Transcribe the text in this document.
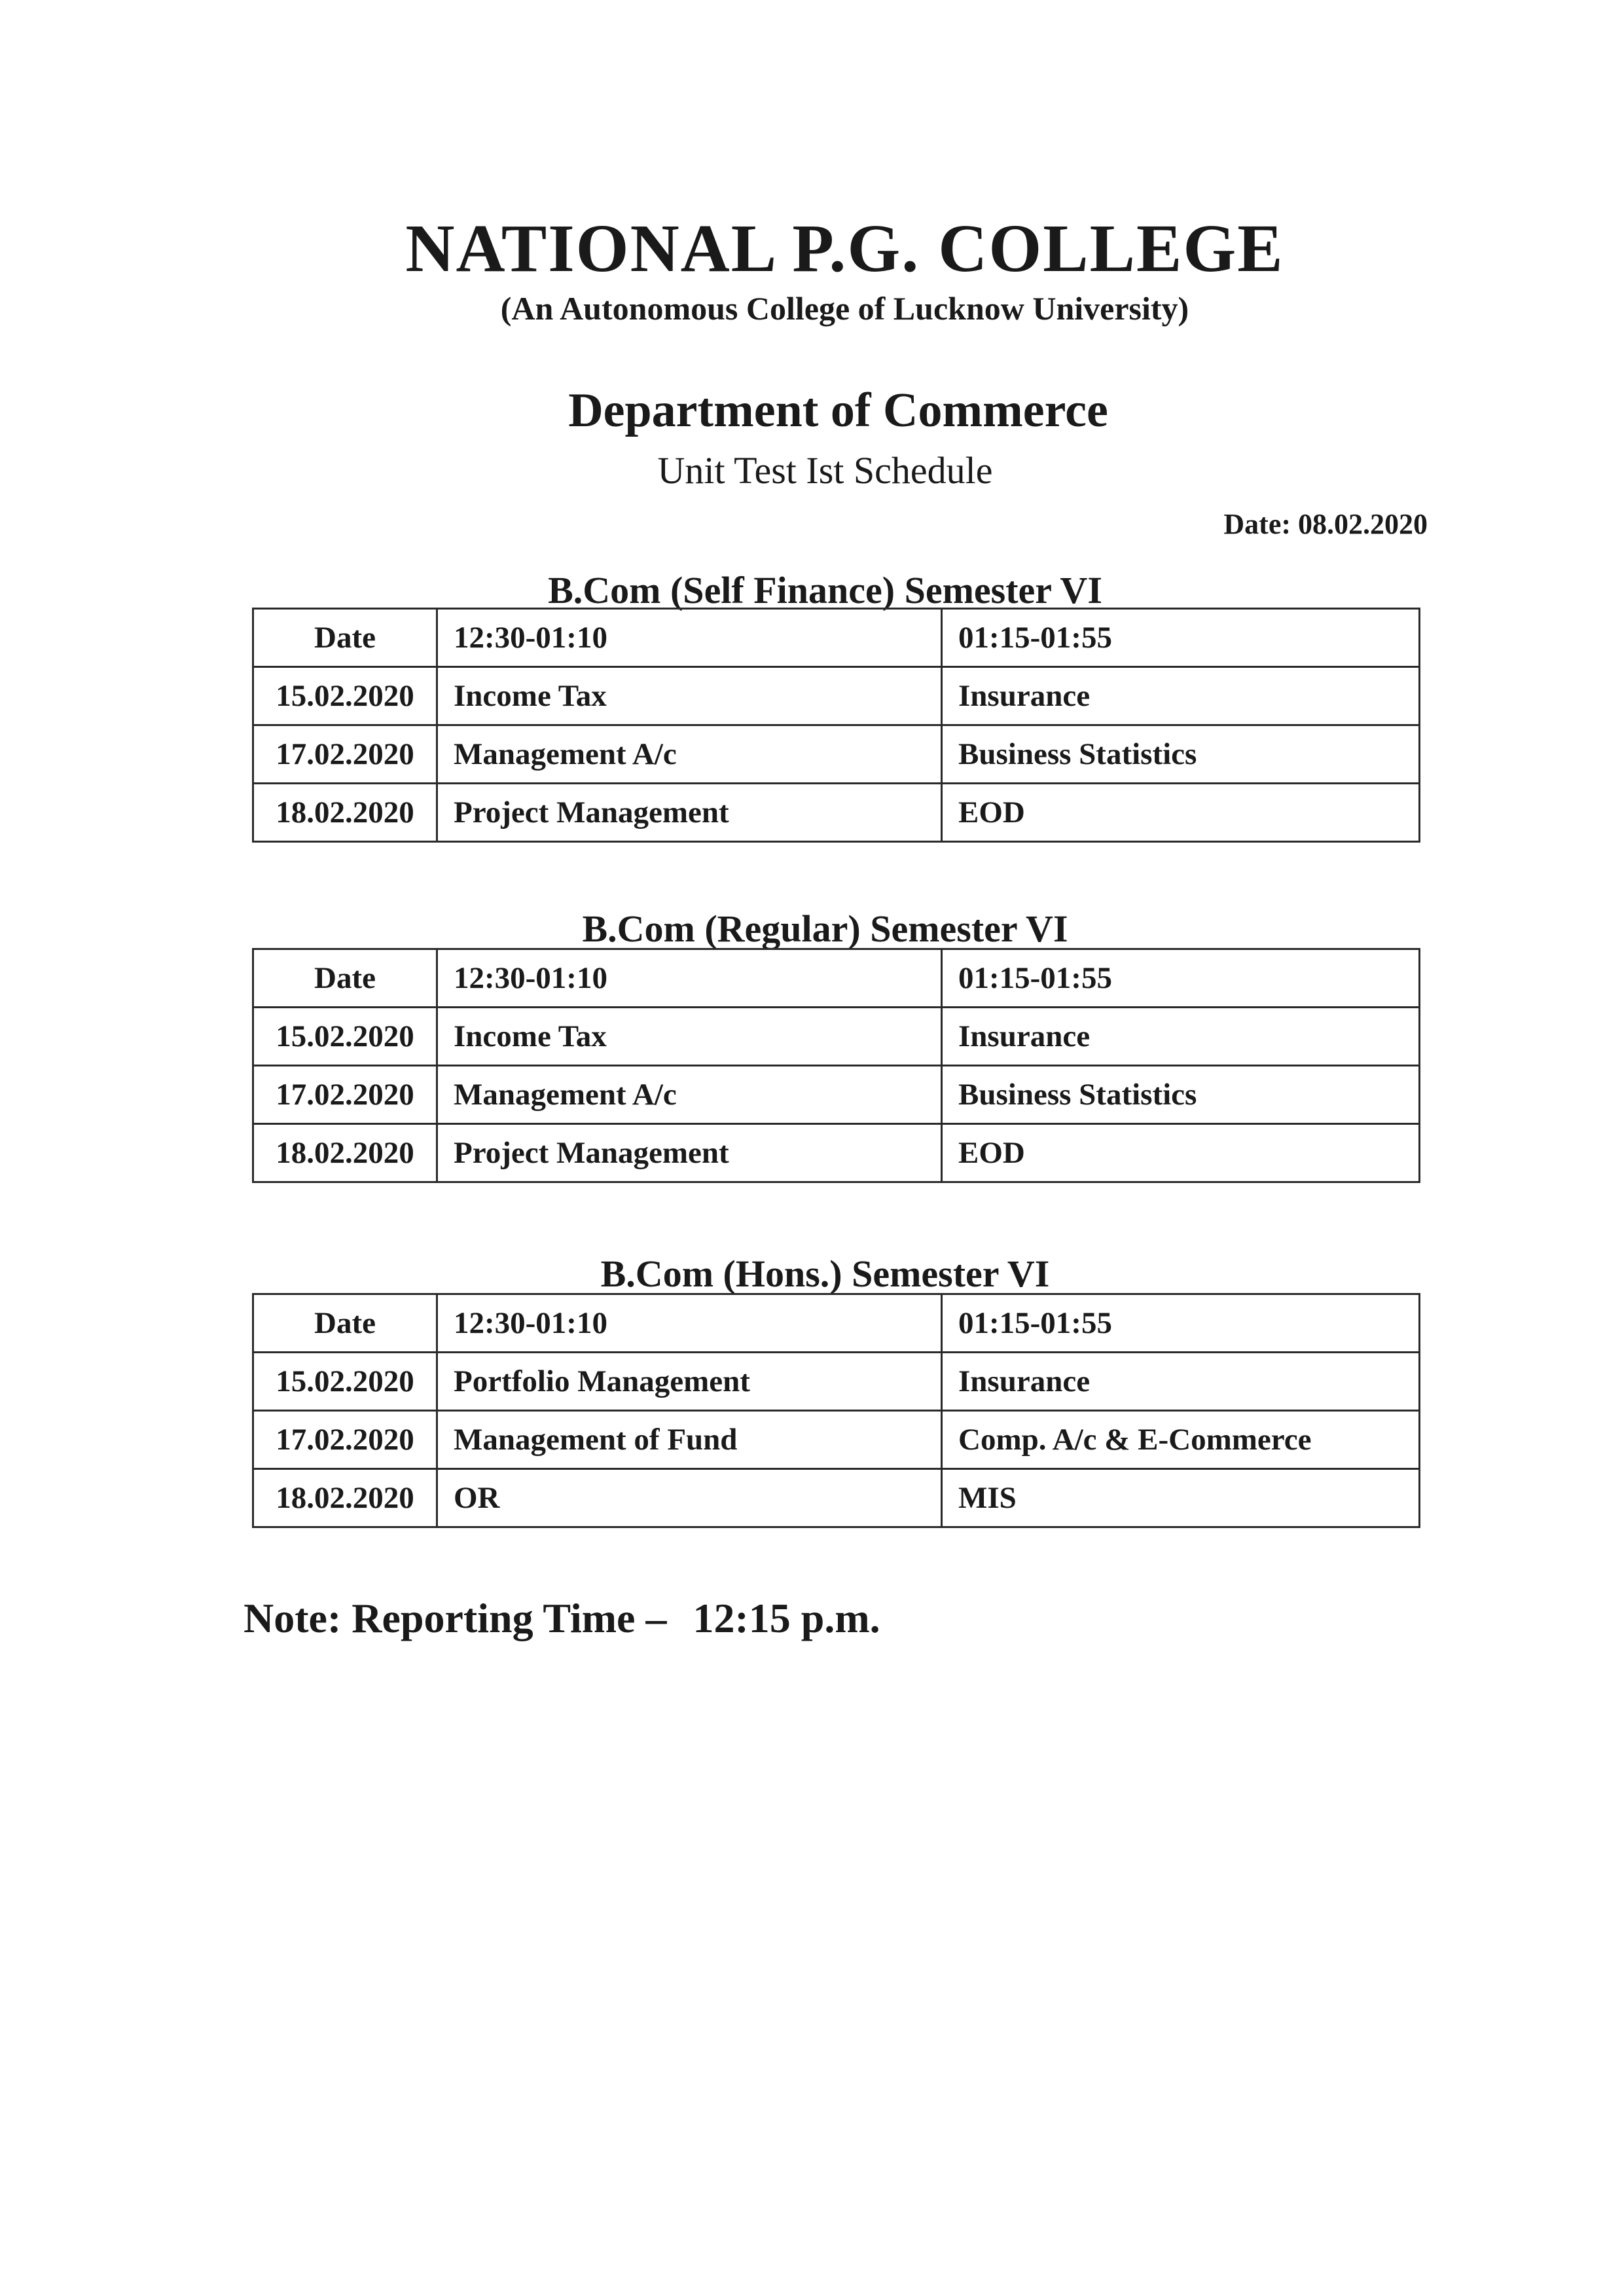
NATIONAL P.G. COLLEGE
(An Autonomous College of Lucknow University)
Department of Commerce
Unit Test Ist Schedule
Date: 08.02.2020
B.Com (Self Finance) Semester VI
Date	12:30-01:10	01:15-01:55
15.02.2020	Income Tax	Insurance
17.02.2020	Management A/c	Business Statistics
18.02.2020	Project Management	EOD
B.Com (Regular) Semester VI
Date	12:30-01:10	01:15-01:55
15.02.2020	Income Tax	Insurance
17.02.2020	Management A/c	Business Statistics
18.02.2020	Project Management	EOD
B.Com (Hons.) Semester VI
Date	12:30-01:10	01:15-01:55
15.02.2020	Portfolio Management	Insurance
17.02.2020	Management of Fund	Comp. A/c & E-Commerce
18.02.2020	OR	MIS
Note: Reporting Time – 12:15 p.m.
